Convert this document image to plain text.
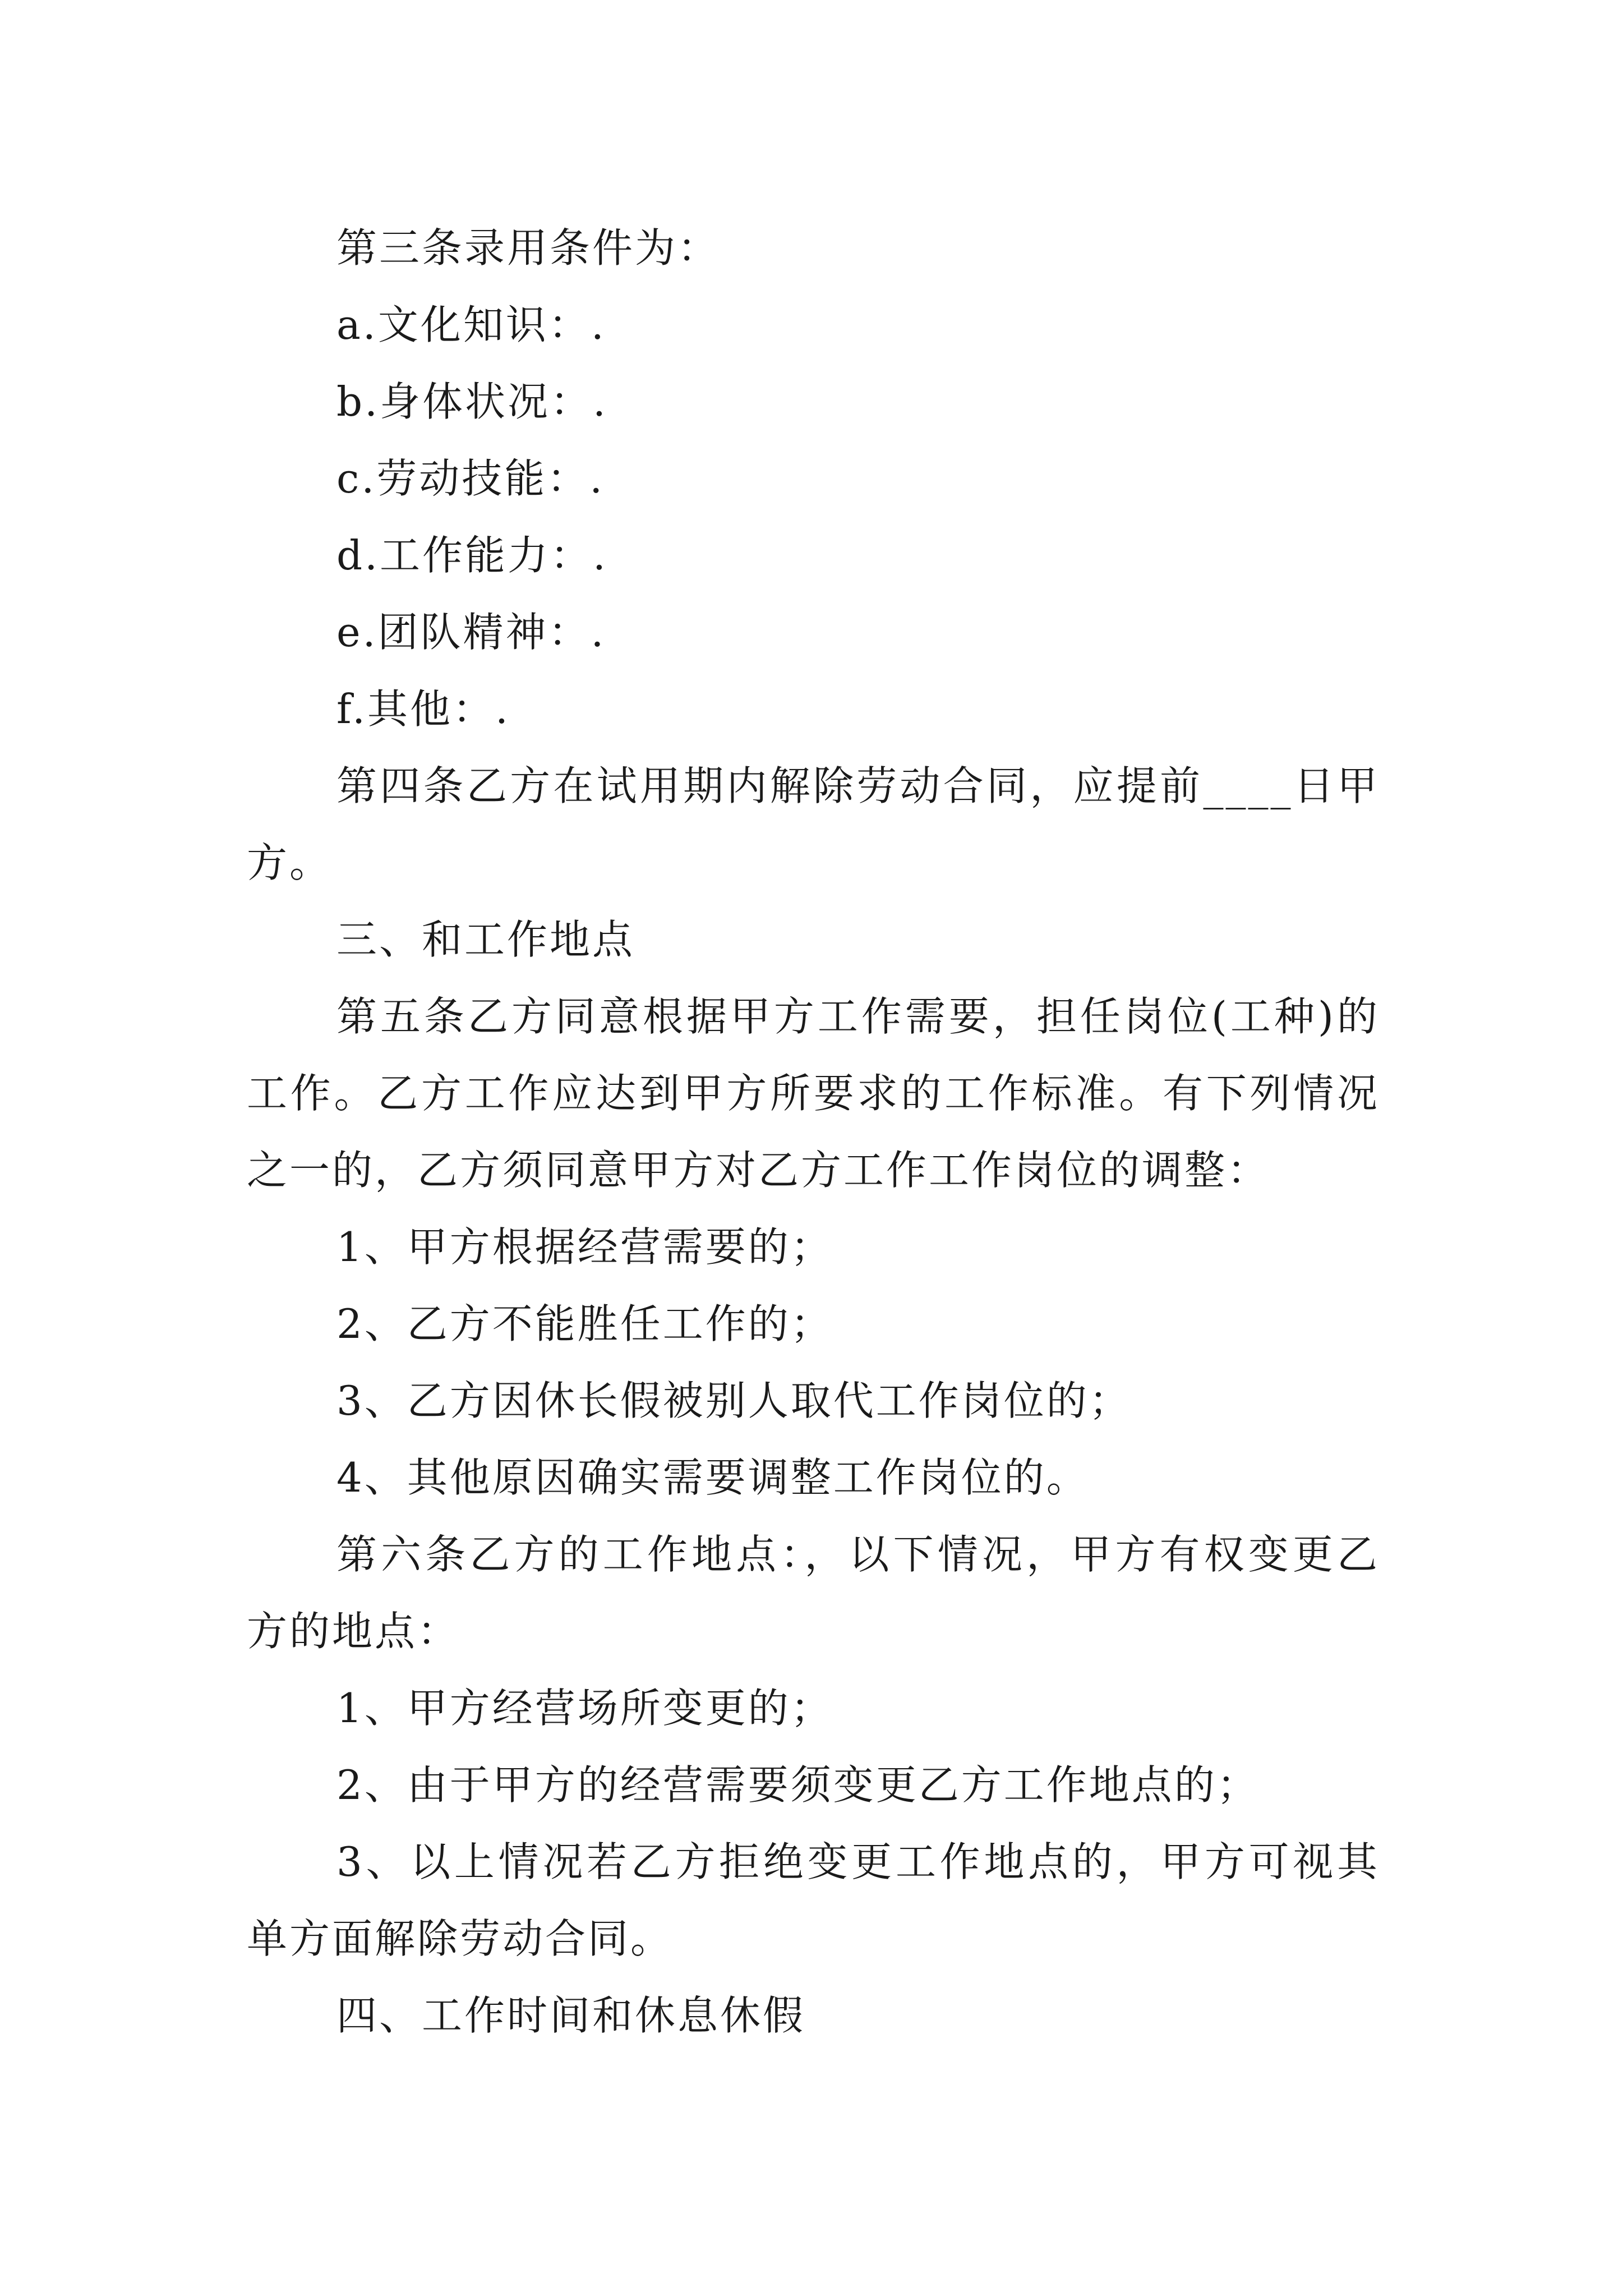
第三条录用条件为：

a.文化知识：.

b.身体状况：.

c.劳动技能：.

d.工作能力：.

e.团队精神：.

f.其他：.

第四条乙方在试用期内解除劳动合同，应提前____日甲方。

三、和工作地点

第五条乙方同意根据甲方工作需要，担任岗位(工种)的工作。乙方工作应达到甲方所要求的工作标准。有下列情况之一的，乙方须同意甲方对乙方工作工作岗位的调整：

1、甲方根据经营需要的；

2、乙方不能胜任工作的；

3、乙方因休长假被别人取代工作岗位的；

4、其他原因确实需要调整工作岗位的。

第六条乙方的工作地点：，以下情况，甲方有权变更乙方的地点：

1、甲方经营场所变更的；

2、由于甲方的经营需要须变更乙方工作地点的；

3、以上情况若乙方拒绝变更工作地点的，甲方可视其单方面解除劳动合同。

四、工作时间和休息休假
